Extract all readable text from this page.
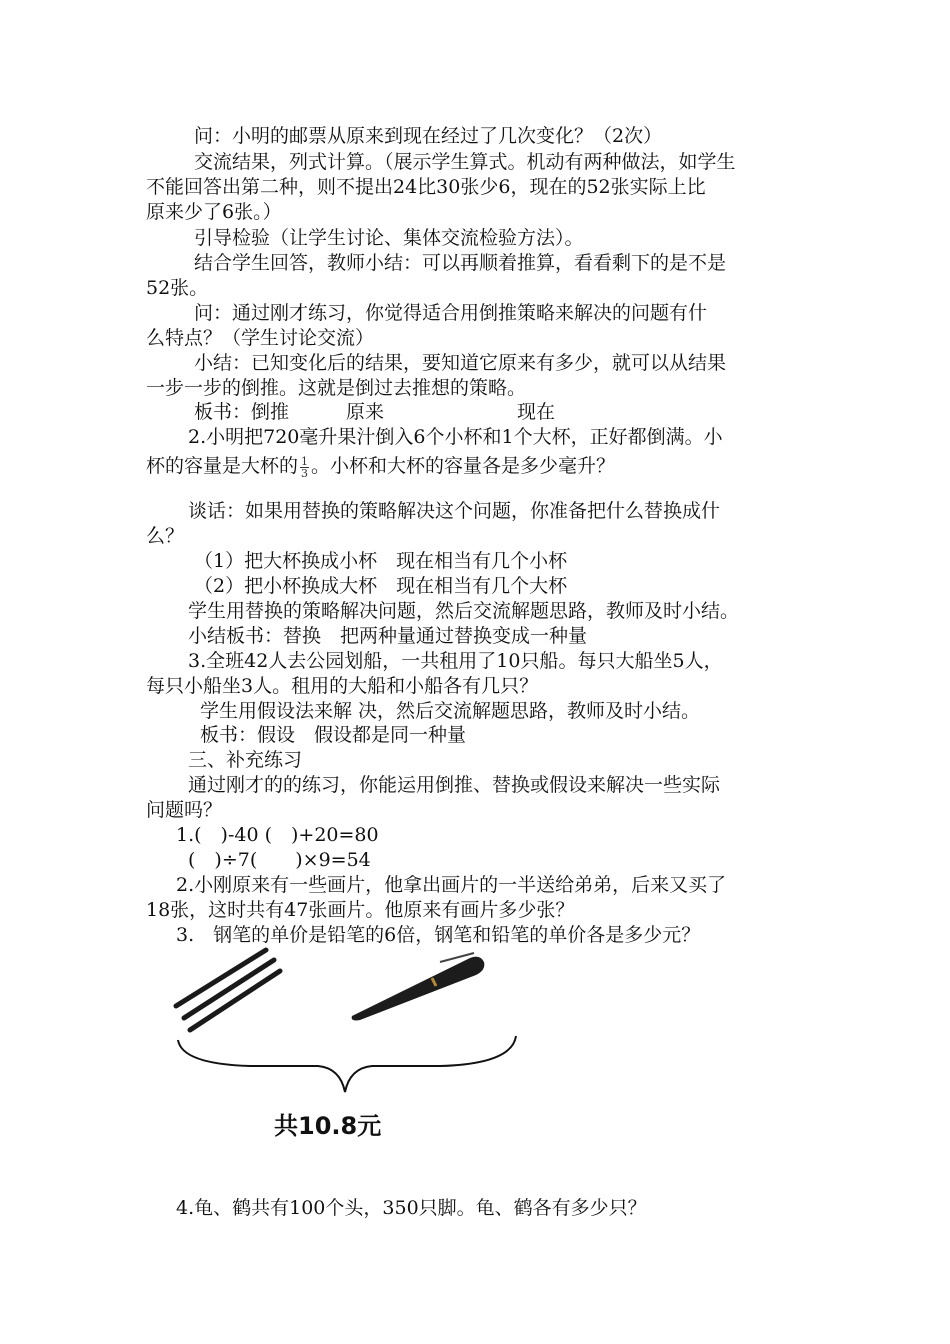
问：小明的邮票从原来到现在经过了几次变化？（2次）
交流结果，列式计算。（展示学生算式。机动有两种做法，如学生
不能回答出第二种，则不提出24比30张少6，现在的52张实际上比
原来少了6张。）
引导检验（让学生讨论、集体交流检验方法）。
结合学生回答，教师小结：可以再顺着推算，看看剩下的是不是
52张。
问：通过刚才练习，你觉得适合用倒推策略来解决的问题有什
么特点？（学生讨论交流）
小结：已知变化后的结果，要知道它原来有多少，就可以从结果
一步一步的倒推。这就是倒过去推想的策略。
板书：倒推　　　原来　　　　　　　现在
2.小明把720毫升果汁倒入6个小杯和1个大杯，正好都倒满。小
杯的容量是大杯的 $\frac{1}{3}$ 。小杯和大杯的容量各是多少毫升？
谈话：如果用替换的策略解决这个问题，你准备把什么替换成什
么？
（1）把大杯换成小杯　现在相当有几个小杯
（2）把小杯换成大杯　现在相当有几个大杯
学生用替换的策略解决问题，然后交流解题思路，教师及时小结。
小结板书：替换　把两种量通过替换变成一种量
3.全班42人去公园划船，一共租用了10只船。每只大船坐5人，
每只小船坐3人。租用的大船和小船各有几只？
学生用假设法来解 决，然后交流解题思路，教师及时小结。
板书：假设　假设都是同一种量
三、补充练习
通过刚才的的练习，你能运用倒推、替换或假设来解决一些实际
问题吗？
1.(　)-40 (　)+20=80
(　)÷7(　　)×9=54
2.小刚原来有一些画片，他拿出画片的一半送给弟弟，后来又买了
18张，这时共有47张画片。他原来有画片多少张？
3.　钢笔的单价是铅笔的6倍，钢笔和铅笔的单价各是多少元？
共10.8元
4.龟、鹤共有100个头，350只脚。龟、鹤各有多少只？
